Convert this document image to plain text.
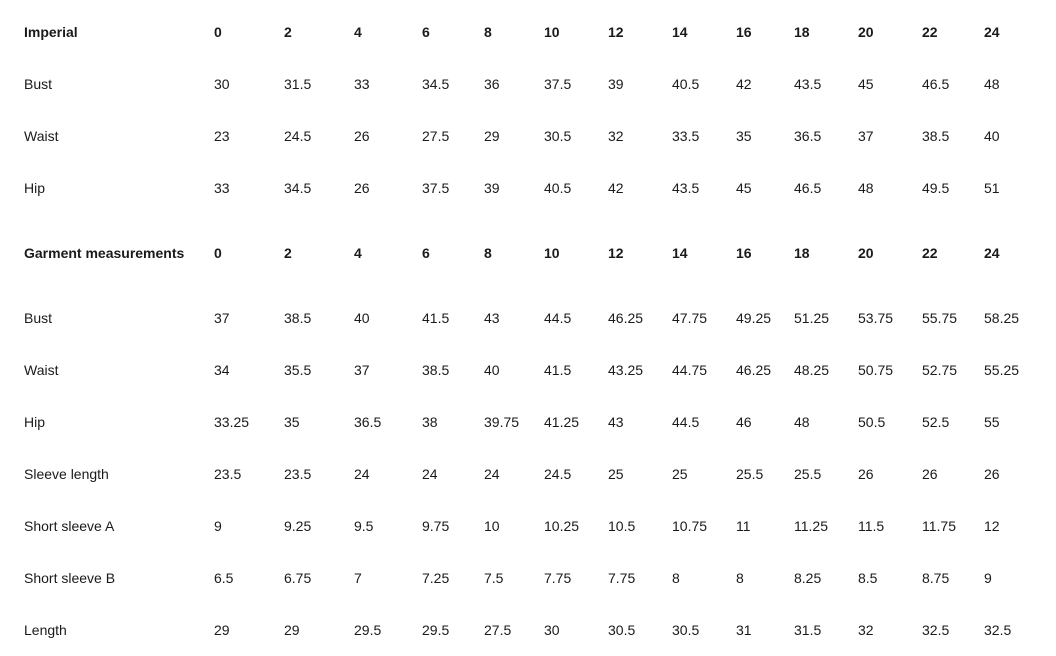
Imperial	0	2	4	6	8	10	12	14	16	18	20	22	24
Bust	30	31.5	33	34.5	36	37.5	39	40.5	42	43.5	45	46.5	48
Waist	23	24.5	26	27.5	29	30.5	32	33.5	35	36.5	37	38.5	40
Hip	33	34.5	26	37.5	39	40.5	42	43.5	45	46.5	48	49.5	51
Garment measurements	0	2	4	6	8	10	12	14	16	18	20	22	24
Bust	37	38.5	40	41.5	43	44.5	46.25	47.75	49.25	51.25	53.75	55.75	58.25
Waist	34	35.5	37	38.5	40	41.5	43.25	44.75	46.25	48.25	50.75	52.75	55.25
Hip	33.25	35	36.5	38	39.75	41.25	43	44.5	46	48	50.5	52.5	55
Sleeve length	23.5	23.5	24	24	24	24.5	25	25	25.5	25.5	26	26	26
Short sleeve A	9	9.25	9.5	9.75	10	10.25	10.5	10.75	11	11.25	11.5	11.75	12
Short sleeve B	6.5	6.75	7	7.25	7.5	7.75	7.75	8	8	8.25	8.5	8.75	9
Length	29	29	29.5	29.5	27.5	30	30.5	30.5	31	31.5	32	32.5	32.5
